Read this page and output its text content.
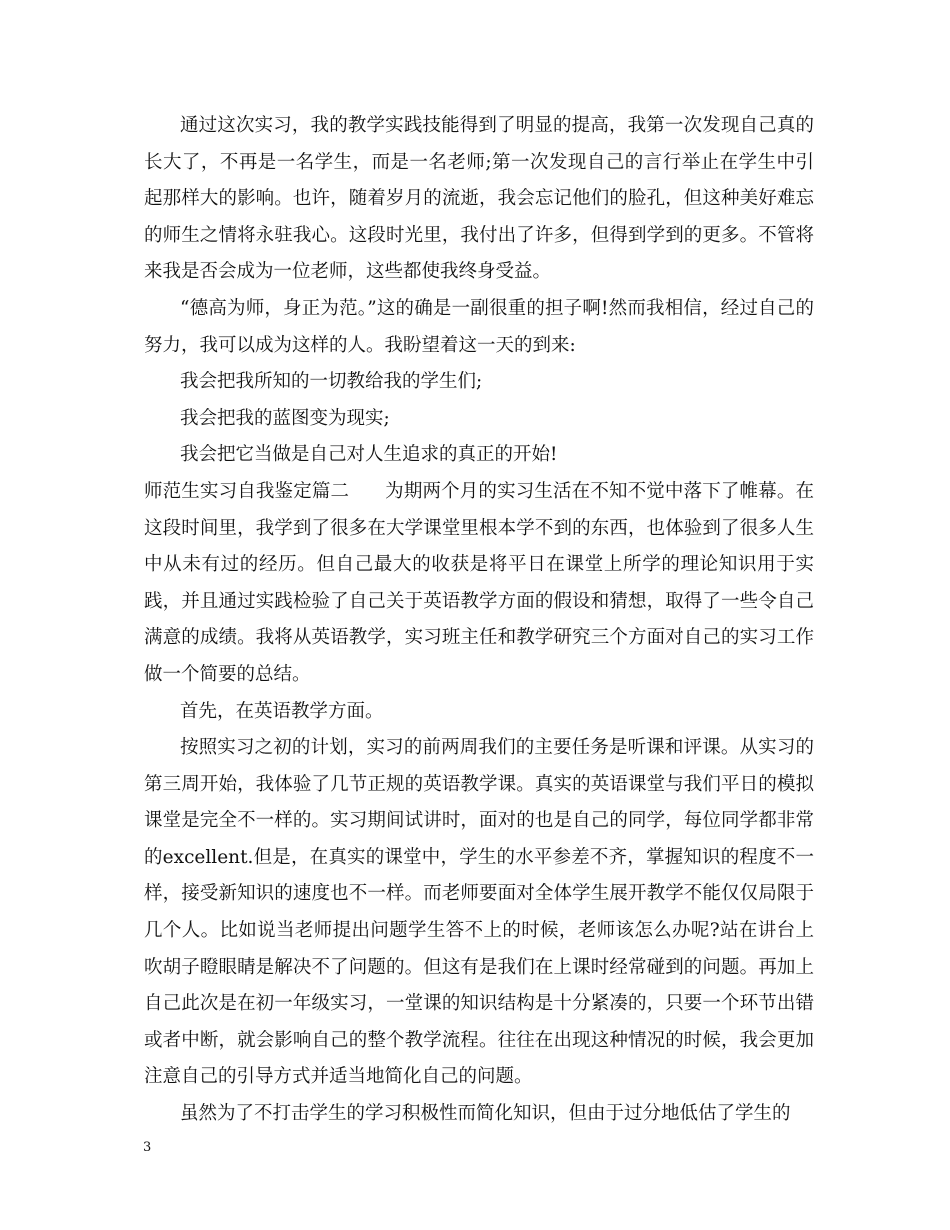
通过这次实习，我的教学实践技能得到了明显的提高，我第一次发现自己真的长大了，不再是一名学生，而是一名老师;第一次发现自己的言行举止在学生中引起那样大的影响。也许，随着岁月的流逝，我会忘记他们的脸孔，但这种美好难忘的师生之情将永驻我心。这段时光里，我付出了许多，但得到学到的更多。不管将来我是否会成为一位老师，这些都使我终身受益。

“德高为师，身正为范。”这的确是一副很重的担子啊!然而我相信，经过自己的努力，我可以成为这样的人。我盼望着这一天的到来:

我会把我所知的一切教给我的学生们;

我会把我的蓝图变为现实;

我会把它当做是自己对人生追求的真正的开始!

师范生实习自我鉴定篇二 为期两个月的实习生活在不知不觉中落下了帷幕。在这段时间里，我学到了很多在大学课堂里根本学不到的东西，也体验到了很多人生中从未有过的经历。但自己最大的收获是将平日在课堂上所学的理论知识用于实践，并且通过实践检验了自己关于英语教学方面的假设和猜想，取得了一些令自己满意的成绩。我将从英语教学，实习班主任和教学研究三个方面对自己的实习工作做一个简要的总结。

首先，在英语教学方面。

按照实习之初的计划，实习的前两周我们的主要任务是听课和评课。从实习的第三周开始，我体验了几节正规的英语教学课。真实的英语课堂与我们平日的模拟课堂是完全不一样的。实习期间试讲时，面对的也是自己的同学，每位同学都非常的excellent.但是，在真实的课堂中，学生的水平参差不齐，掌握知识的程度不一样，接受新知识的速度也不一样。而老师要面对全体学生展开教学不能仅仅局限于几个人。比如说当老师提出问题学生答不上的时候，老师该怎么办呢?站在讲台上吹胡子瞪眼睛是解决不了问题的。但这有是我们在上课时经常碰到的问题。再加上自己此次是在初一年级实习，一堂课的知识结构是十分紧凑的，只要一个环节出错或者中断，就会影响自己的整个教学流程。往往在出现这种情况的时候，我会更加注意自己的引导方式并适当地简化自己的问题。

虽然为了不打击学生的学习积极性而简化知识，但由于过分地低估了学生的

3
